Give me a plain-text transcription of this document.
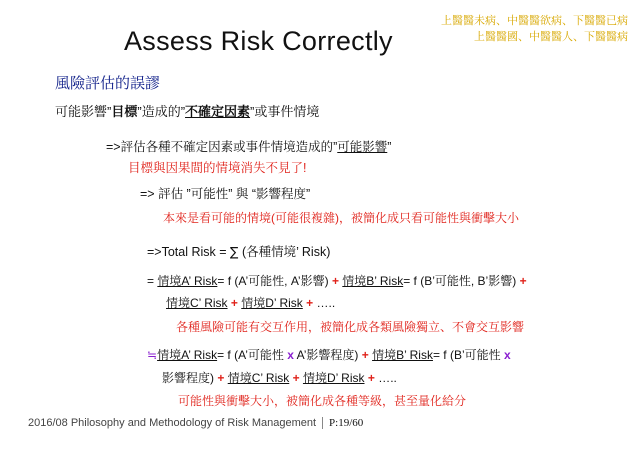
Assess Risk Correctly
上醫醫未病、中醫醫欲病、下醫醫已病
上醫醫國、中醫醫人、下醫醫病
風險評估的誤謬
可能影響”目標”造成的”不確定因素”或事件情境
=>評估各種不確定因素或事件情境造成的”可能影響”
目標與因果間的情境消失不見了!
=> 評估 ”可能性” 與 “影響程度”
本來是看可能的情境(可能很複雜)，被簡化成只看可能性與衝擊大小
=>Total Risk = ∑ (各種情境’ Risk)
= 情境A’ Risk= f (A’可能性, A’影響) + 情境B’ Risk= f (B’可能性, B’影響) +
情境C’ Risk + 情境D’ Risk + …..
各種風險可能有交互作用，被簡化成各類風險獨立、不會交互影響
≒情境A’ Risk= f (A’可能性 x A’影響程度) + 情境B’ Risk= f (B’可能性 x
影響程度) + 情境C’ Risk + 情境D’ Risk + …..
可能性與衝擊大小，被簡化成各種等級，甚至量化給分
2016/08 Philosophy and Methodology of Risk Management P:19/60
